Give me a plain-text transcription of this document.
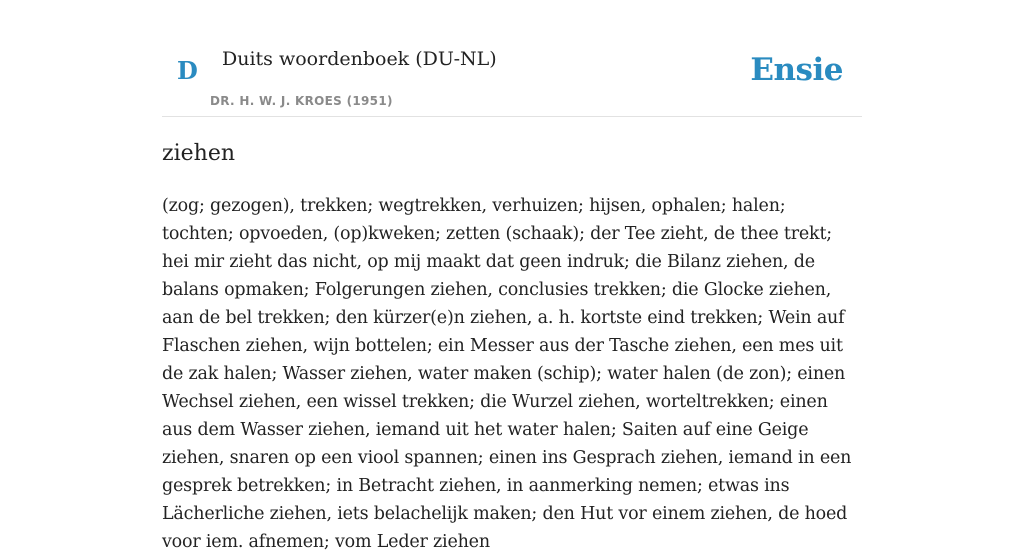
D Duits woordenboek (DU-NL)
DR. H. W. J. KROES (1951)
Ensie
ziehen

(zog; gezogen), trekken; wegtrekken, verhuizen; hijsen, ophalen; halen; tochten; opvoeden, (op)kweken; zetten (schaak); der Tee zieht, de thee trekt; hei mir zieht das nicht, op mij maakt dat geen indruk; die Bilanz ziehen, de balans opmaken; Folgerungen ziehen, conclusies trekken; die Glocke ziehen, aan de bel trekken; den kürzer(e)n ziehen, a. h. kortste eind trekken; Wein auf Flaschen ziehen, wijn bottelen; ein Messer aus der Tasche ziehen, een mes uit de zak halen; Wasser ziehen, water maken (schip); water halen (de zon); einen Wechsel ziehen, een wissel trekken; die Wurzel ziehen, worteltrekken; einen aus dem Wasser ziehen, iemand uit het water halen; Saiten auf eine Geige ziehen, snaren op een viool spannen; einen ins Gesprach ziehen, iemand in een gesprek betrekken; in Betracht ziehen, in aanmerking nemen; etwas ins Lächerliche ziehen, iets belachelijk maken; den Hut vor einem ziehen, de hoed voor iem. afnemen; vom Leder ziehen
